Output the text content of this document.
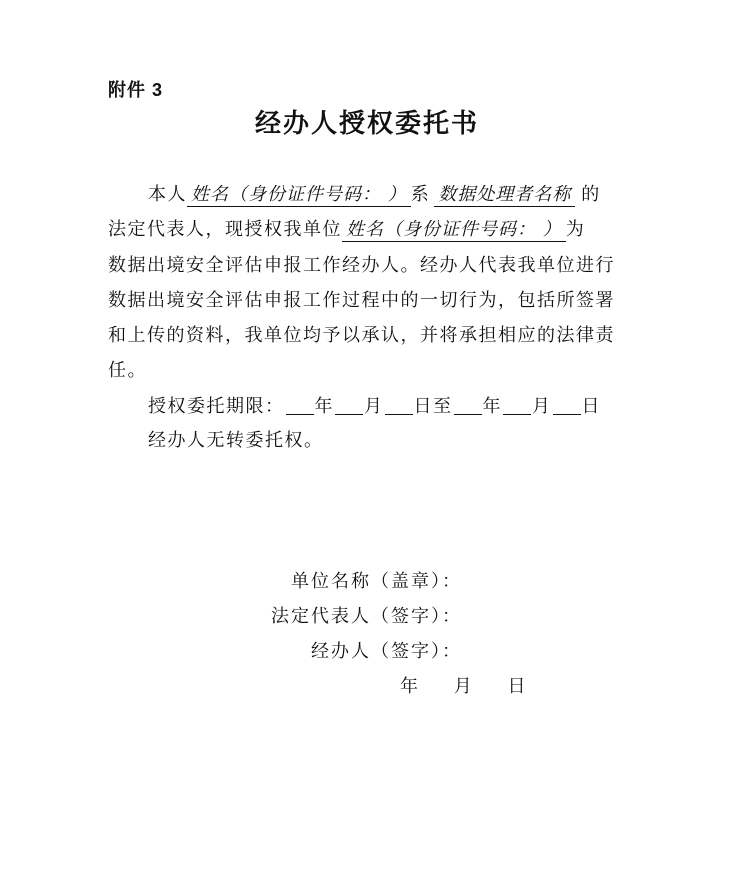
附件 3
经办人授权委托书
本人 姓名（身份证件号码： ） 系 数据处理者名称 的
法定代表人，现授权我单位 姓名（身份证件号码： ） 为
数据出境安全评估申报工作经办人。经办人代表我单位进行
数据出境安全评估申报工作过程中的一切行为，包括所签署
和上传的资料，我单位均予以承认，并将承担相应的法律责
任。
授权委托期限： 年 月 日至 年 月 日
经办人无转委托权。
单位名称（盖章）：
法定代表人（签字）：
经办人（签字）：
年 月 日
